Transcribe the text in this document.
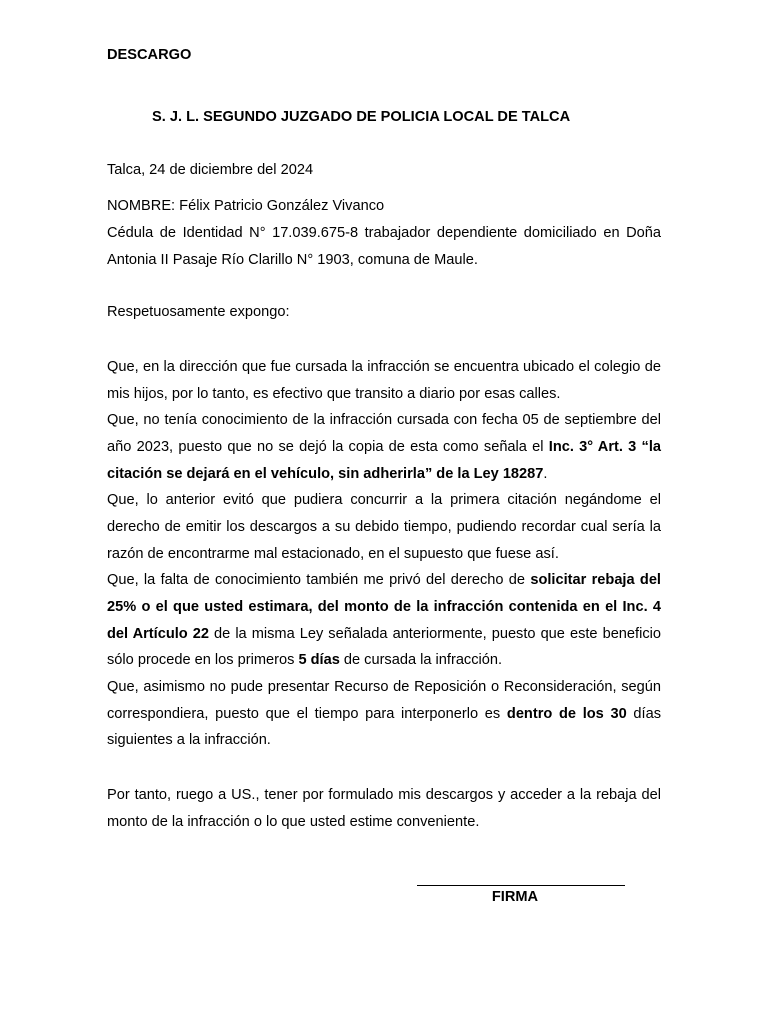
DESCARGO
S. J. L. SEGUNDO JUZGADO DE POLICIA LOCAL DE TALCA
Talca, 24 de diciembre del 2024
NOMBRE: Félix Patricio González Vivanco

Cédula de Identidad N° 17.039.675-8 trabajador dependiente domiciliado en Doña Antonia II Pasaje Río Clarillo N° 1903, comuna de Maule.

Respetuosamente expongo:

Que, en la dirección que fue cursada la infracción se encuentra ubicado el colegio de mis hijos, por lo tanto, es efectivo que transito a diario por esas calles.

Que, no tenía conocimiento de la infracción cursada con fecha 05 de septiembre del año 2023, puesto que no se dejó la copia de esta como señala el Inc. 3° Art. 3 “la citación se dejará en el vehículo, sin adherirla” de la Ley 18287.

Que, lo anterior evitó que pudiera concurrir a la primera citación negándome el derecho de emitir los descargos a su debido tiempo, pudiendo recordar cual sería la razón de encontrarme mal estacionado, en el supuesto que fuese así.

Que, la falta de conocimiento también me privó del derecho de solicitar rebaja del 25% o el que usted estimara, del monto de la infracción contenida en el Inc. 4 del Artículo 22 de la misma Ley señalada anteriormente, puesto que este beneficio sólo procede en los primeros 5 días de cursada la infracción.

Que, asimismo no pude presentar Recurso de Reposición o Reconsideración, según correspondiera, puesto que el tiempo para interponerlo es dentro de los 30 días siguientes a la infracción.

Por tanto, ruego a US., tener por formulado mis descargos y acceder a la rebaja del monto de la infracción o lo que usted estime conveniente.

FIRMA
